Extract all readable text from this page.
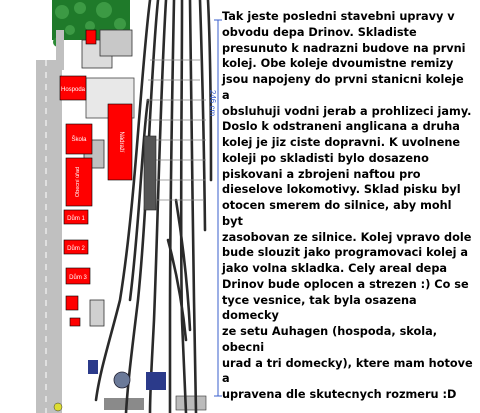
Hospoda
Nádraží
Škola
Obecní úřad
Dům 1
Dům 2
Dům 3
246 cm

Tak jeste posledni stavebni upravy v
obvodu depa Drinov. Skladiste
presunuto k nadrazni budove na prvni
kolej. Obe koleje dvoumistne remizy
jsou napojeny do prvni stanicni koleje a
obsluhuji vodni jerab a prohlizeci jamy.
Doslo k odstraneni anglicana a druha
kolej je jiz ciste dopravni. K uvolnene
koleji po skladisti bylo dosazeno
piskovani a zbrojeni naftou pro
dieselove lokomotivy. Sklad pisku byl
otocen smerem do silnice, aby mohl byt
zasobovan ze silnice. Kolej vpravo dole
bude slouzit jako programovaci kolej a
jako volna skladka. Cely areal depa
Drinov bude oplocen a strezen :) Co se
tyce vesnice, tak byla osazena domecky
ze setu Auhagen (hospoda, skola, obecni
urad a tri domecky), ktere mam hotove a
upravena dle skutecnych rozmeru :D
